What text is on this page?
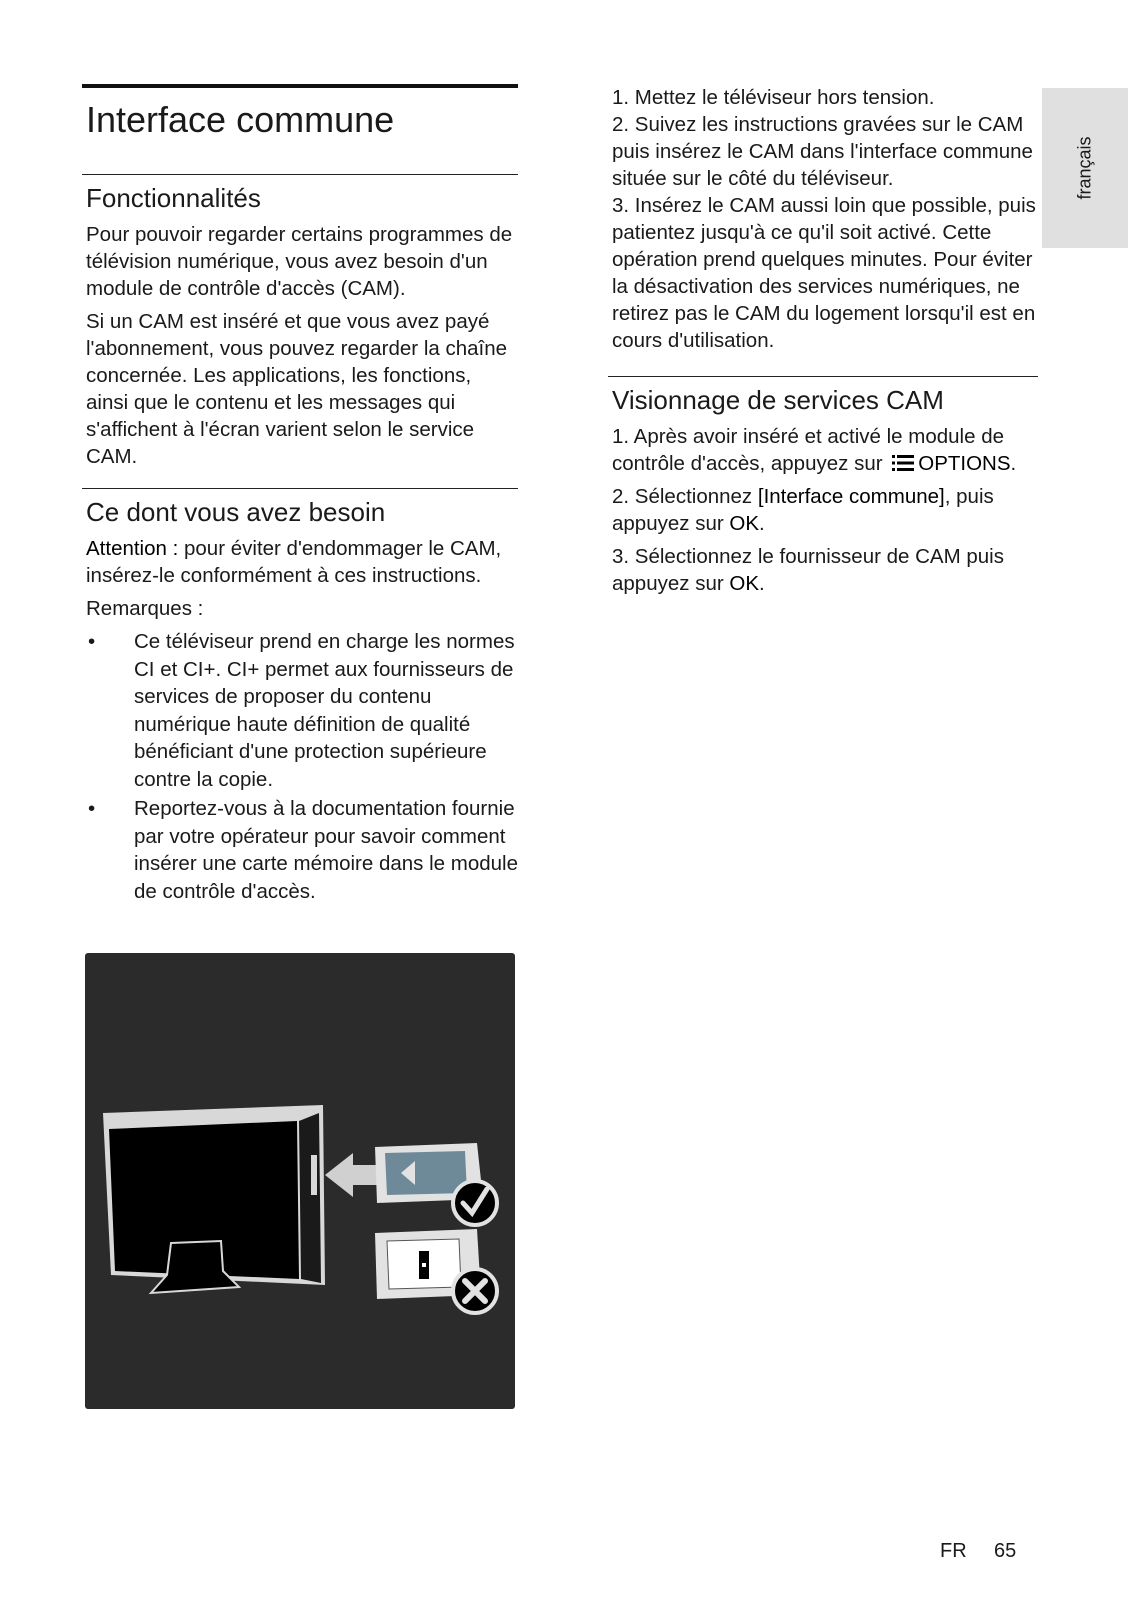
français
Interface commune
Fonctionnalités

Pour pouvoir regarder certains programmes de télévision numérique, vous avez besoin d'un module de contrôle d'accès (CAM).

Si un CAM est inséré et que vous avez payé l'abonnement, vous pouvez regarder la chaîne concernée. Les applications, les fonctions, ainsi que le contenu et les messages qui s'affichent à l'écran varient selon le service CAM.

Ce dont vous avez besoin

Attention : pour éviter d'endommager le CAM, insérez-le conformément à ces instructions.

Remarques :

• Ce téléviseur prend en charge les normes CI et CI+. CI+ permet aux fournisseurs de services de proposer du contenu numérique haute définition de qualité bénéficiant d'une protection supérieure contre la copie.
• Reportez-vous à la documentation fournie par votre opérateur pour savoir comment insérer une carte mémoire dans le module de contrôle d'accès.

1. Mettez le téléviseur hors tension.

2. Suivez les instructions gravées sur le CAM puis insérez le CAM dans l'interface commune située sur le côté du téléviseur.

3. Insérez le CAM aussi loin que possible, puis patientez jusqu'à ce qu'il soit activé. Cette opération prend quelques minutes. Pour éviter la désactivation des services numériques, ne retirez pas le CAM du logement lorsqu'il est en cours d'utilisation.

Visionnage de services CAM

1. Après avoir inséré et activé le module de contrôle d'accès, appuyez sur OPTIONS.

2. Sélectionnez [Interface commune], puis appuyez sur OK.

3. Sélectionnez le fournisseur de CAM puis appuyez sur OK.

FR 65
